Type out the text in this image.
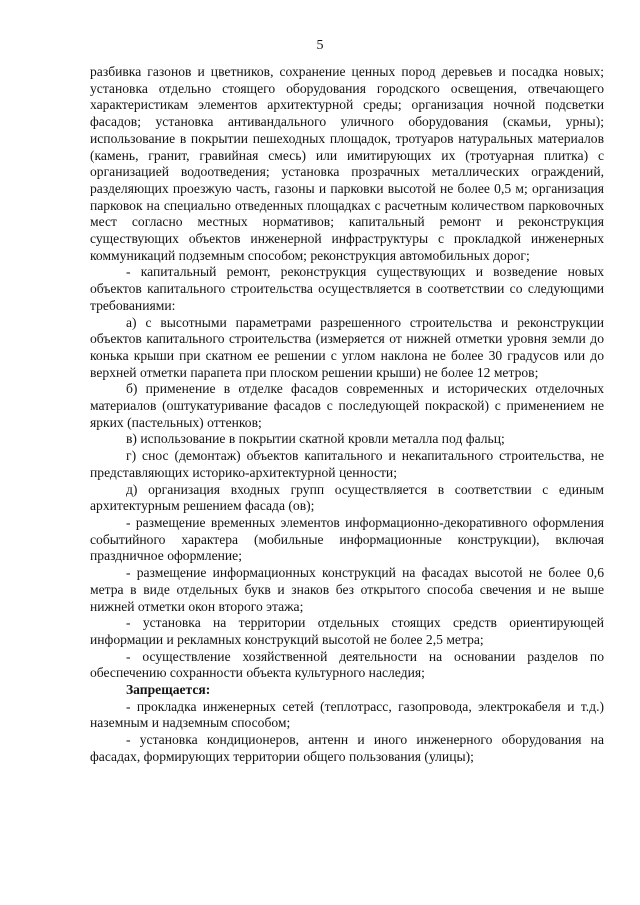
5

разбивка газонов и цветников, сохранение ценных пород деревьев и посадка новых; установка отдельно стоящего оборудования городского освещения, отвечающего характеристикам элементов архитектурной среды; организация ночной подсветки фасадов; установка антивандального уличного оборудования (скамьи, урны); использование в покрытии пешеходных площадок, тротуаров натуральных материалов (камень, гранит, гравийная смесь) или имитирующих их (тротуарная плитка) с организацией водоотведения; установка прозрачных металлических ограждений, разделяющих проезжую часть, газоны и парковки высотой не более 0,5 м; организация парковок на специально отведенных площадках с расчетным количеством парковочных мест согласно местных нормативов; капитальный ремонт и реконструкция существующих объектов инженерной инфраструктуры с прокладкой инженерных коммуникаций подземным способом; реконструкция автомобильных дорог;

- капитальный ремонт, реконструкция существующих и возведение новых объектов капитального строительства осуществляется в соответствии со следующими требованиями:

а) с высотными параметрами разрешенного строительства и реконструкции объектов капитального строительства (измеряется от нижней отметки уровня земли до конька крыши при скатном ее решении с углом наклона не более 30 градусов или до верхней отметки парапета при плоском решении крыши) не более 12 метров;

б) применение в отделке фасадов современных и исторических отделочных материалов (оштукатуривание фасадов с последующей покраской) с применением не ярких (пастельных) оттенков;

в) использование в покрытии скатной кровли металла под фальц;

г) снос (демонтаж) объектов капитального и некапитального строительства, не представляющих историко-архитектурной ценности;

д) организация входных групп осуществляется в соответствии с единым архитектурным решением фасада (ов);

- размещение временных элементов информационно-декоративного оформления событийного характера (мобильные информационные конструкции), включая праздничное оформление;

- размещение информационных конструкций на фасадах высотой не более 0,6 метра в виде отдельных букв и знаков без открытого способа свечения и не выше нижней отметки окон второго этажа;

- установка на территории отдельных стоящих средств ориентирующей информации и рекламных конструкций высотой не более 2,5 метра;

- осуществление хозяйственной деятельности на основании разделов по обеспечению сохранности объекта культурного наследия;

Запрещается:

- прокладка инженерных сетей (теплотрасс, газопровода, электрокабеля и т.д.) наземным и надземным способом;

- установка кондиционеров, антенн и иного инженерного оборудования на фасадах, формирующих территории общего пользования (улицы);
